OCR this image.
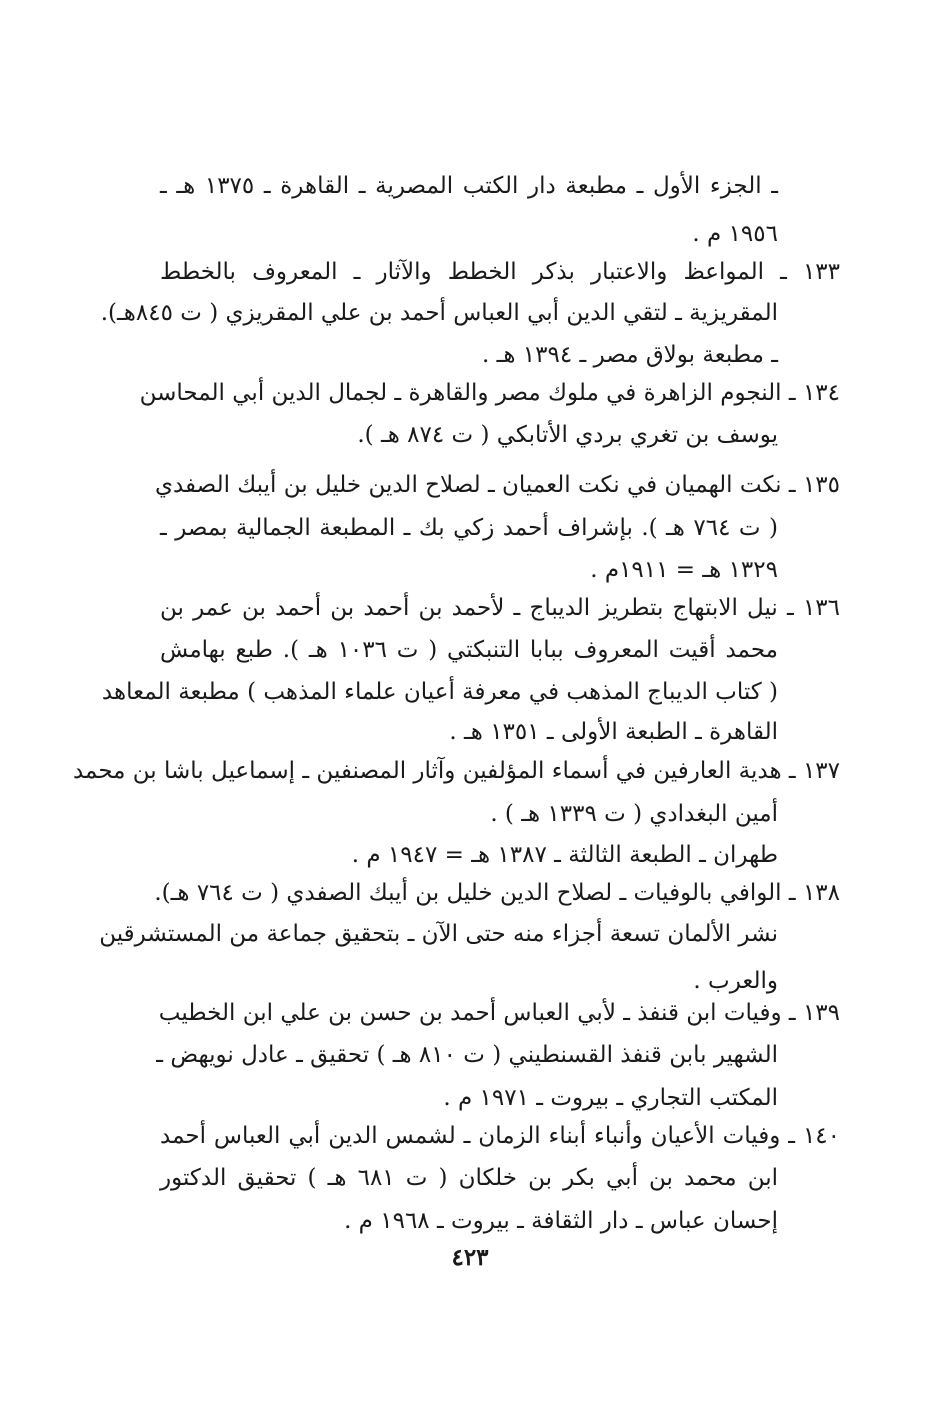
ـ الجزء الأول ـ مطبعة دار الكتب المصرية ـ القاهرة ـ ١٣٧٥ هـ ـ
١٩٥٦ م .
١٣٣ ـ المواعظ والاعتبار بذكر الخطط والآثار ـ المعروف بالخطط
المقريزية ـ لتقي الدين أبي العباس أحمد بن علي المقريزي ( ت ٨٤٥هـ).
ـ مطبعة بولاق مصر ـ ١٣٩٤ هـ .
١٣٤ ـ النجوم الزاهرة في ملوك مصر والقاهرة ـ لجمال الدين أبي المحاسن
يوسف بن تغري بردي الأتابكي ( ت ٨٧٤ هـ ).
١٣٥ ـ نكت الهميان في نكت العميان ـ لصلاح الدين خليل بن أيبك الصفدي
( ت ٧٦٤ هـ ). بإشراف أحمد زكي بك ـ المطبعة الجمالية بمصر ـ
١٣٢٩ هـ = ١٩١١م .
١٣٦ ـ نيل الابتهاج بتطريز الديباج ـ لأحمد بن أحمد بن أحمد بن عمر بن
محمد أقيت المعروف ببابا التنبكتي ( ت ١٠٣٦ هـ ). طبع بهامش
( كتاب الديباج المذهب في معرفة أعيان علماء المذهب ) مطبعة المعاهد
القاهرة ـ الطبعة الأولى ـ ١٣٥١ هـ .
١٣٧ ـ هدية العارفين في أسماء المؤلفين وآثار المصنفين ـ إسماعيل باشا بن محمد
أمين البغدادي ( ت ١٣٣٩ هـ ) .
طهران ـ الطبعة الثالثة ـ ١٣٨٧ هـ = ١٩٤٧ م .
١٣٨ ـ الوافي بالوفيات ـ لصلاح الدين خليل بن أيبك الصفدي ( ت ٧٦٤ هـ).
نشر الألمان تسعة أجزاء منه حتى الآن ـ بتحقيق جماعة من المستشرقين
والعرب .
١٣٩ ـ وفيات ابن قنفذ ـ لأبي العباس أحمد بن حسن بن علي ابن الخطيب
الشهير بابن قنفذ القسنطيني ( ت ٨١٠ هـ ) تحقيق ـ عادل نويهض ـ
المكتب التجاري ـ بيروت ـ ١٩٧١ م .
١٤٠ ـ وفيات الأعيان وأنباء أبناء الزمان ـ لشمس الدين أبي العباس أحمد
ابن محمد بن أبي بكر بن خلكان ( ت ٦٨١ هـ ) تحقيق الدكتور
إحسان عباس ـ دار الثقافة ـ بيروت ـ ١٩٦٨ م .
٤٢٣
